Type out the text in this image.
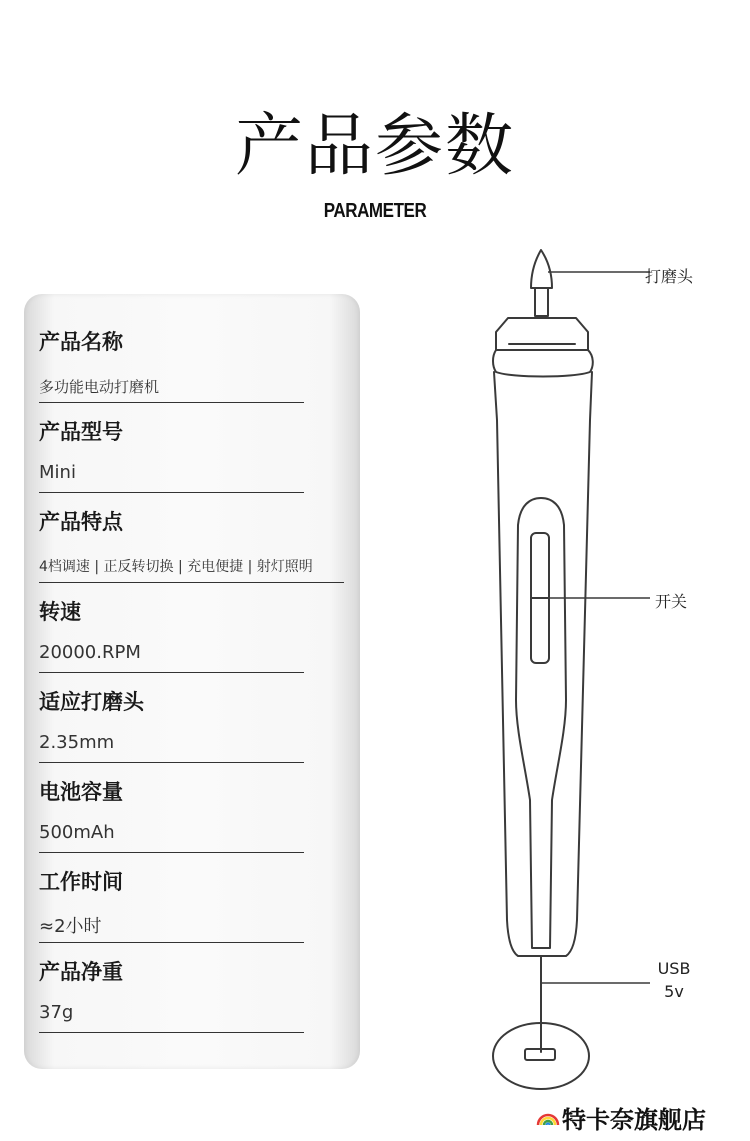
产品参数
PARAMETER
产品名称
多功能电动打磨机
产品型号
Mini
产品特点
4档调速 | 正反转切换 | 充电便捷 | 射灯照明
转速
20000.RPM
适应打磨头
2.35mm
电池容量
500mAh
工作时间
≈2小时
产品净重
37g
打磨头
开关
USB
5v
特卡奈旗舰店
